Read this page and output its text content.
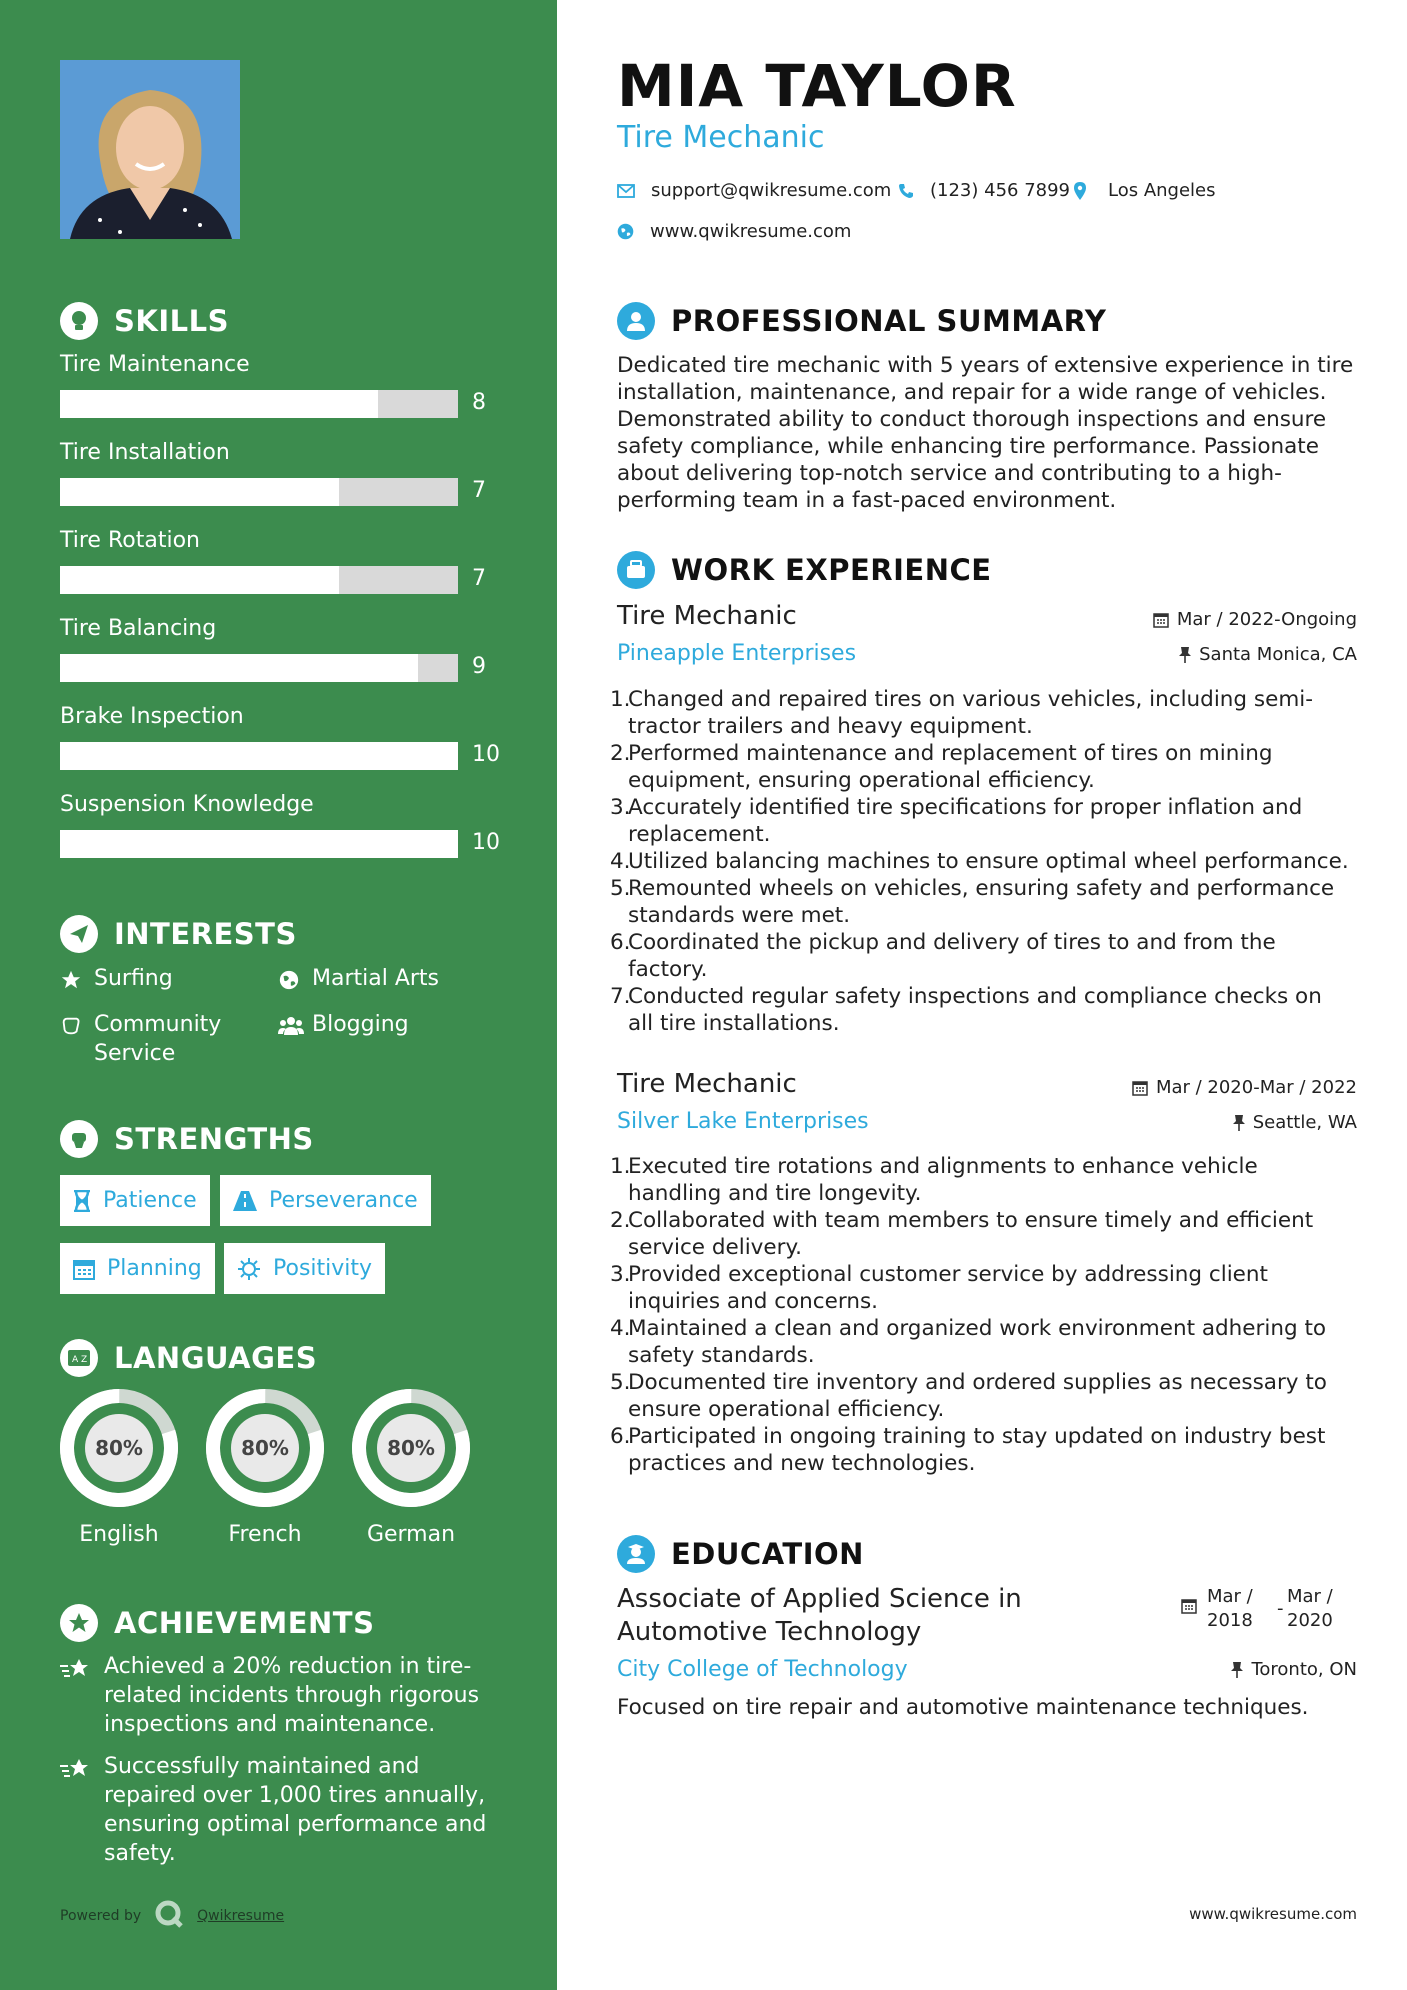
SKILLS
Tire Maintenance
8
Tire Installation
7
Tire Rotation
7
Tire Balancing
9
Brake Inspection
10
Suspension Knowledge
10
INTERESTS
Surfing	Martial Arts
Community Service
Blogging
STRENGTHS
Patience	Perseverance
Planning	Positivity
A Z LANGUAGES
80%
English
80%
French
80%
German
ACHIEVEMENTS
Achieved a 20% reduction in tire-related incidents through rigorous inspections and maintenance.
Successfully maintained and repaired over 1,000 tires annually, ensuring optimal performance and safety.
Powered by	Qwikresume
MIA TAYLOR
Tire Mechanic
support@qwikresume.com (123) 456 7899 Los Angeles
www.qwikresume.com
PROFESSIONAL SUMMARY
Dedicated tire mechanic with 5 years of extensive experience in tire installation, maintenance, and repair for a wide range of vehicles. Demonstrated ability to conduct thorough inspections and ensure safety compliance, while enhancing tire performance. Passionate about delivering top-notch service and contributing to a high-performing team in a fast-paced environment.
WORK EXPERIENCE
Tire Mechanic	Mar / 2022-Ongoing
Pineapple Enterprises	Santa Monica, CA
1.
Changed and repaired tires on various vehicles, including semi-tractor trailers and heavy equipment.
2.
Performed maintenance and replacement of tires on mining equipment, ensuring operational efficiency.
3.
Accurately identified tire specifications for proper inflation and replacement.
4.
Utilized balancing machines to ensure optimal wheel performance.
5.
Remounted wheels on vehicles, ensuring safety and performance standards were met.
6.
Coordinated the pickup and delivery of tires to and from the factory.
7.
Conducted regular safety inspections and compliance checks on all tire installations.
Tire Mechanic	Mar / 2020-Mar / 2022
Silver Lake Enterprises	Seattle, WA
1.
Executed tire rotations and alignments to enhance vehicle handling and tire longevity.
2.
Collaborated with team members to ensure timely and efficient service delivery.
3.
Provided exceptional customer service by addressing client inquiries and concerns.
4.
Maintained a clean and organized work environment adhering to safety standards.
5.
Documented tire inventory and ordered supplies as necessary to ensure operational efficiency.
6.
Participated in ongoing training to stay updated on industry best practices and new technologies.
EDUCATION
Associate of Applied Science in Automotive Technology
Mar /
2018
-
Mar /
2020
City College of Technology	Toronto, ON
Focused on tire repair and automotive maintenance techniques.
www.qwikresume.com
